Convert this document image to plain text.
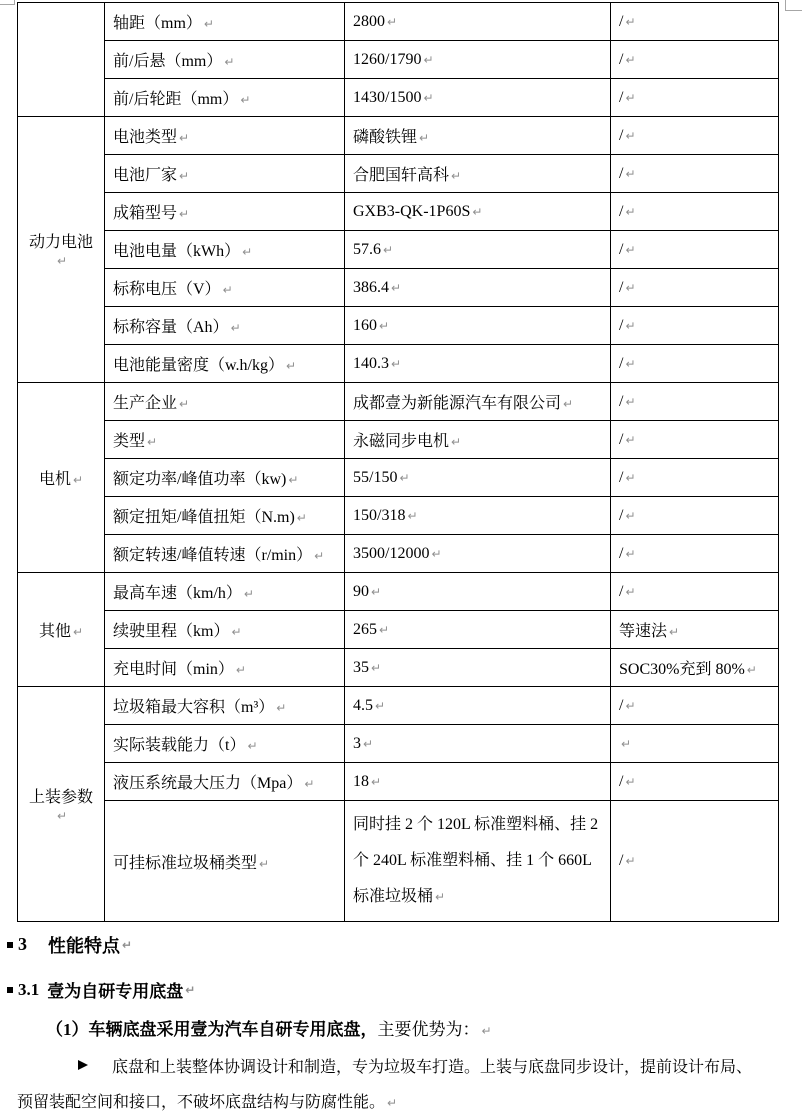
	轴距（mm） ↵	2800 ↵	/ ↵
	前/后悬（mm） ↵	1260/1790 ↵	/ ↵
	前/后轮距（mm） ↵	1430/1500 ↵	/ ↵
动力电池↵	电池类型 ↵	磷酸铁锂 ↵	/ ↵
	电池厂家 ↵	合肥国轩高科 ↵	/ ↵
	成箱型号 ↵	GXB3-QK-1P60S ↵	/ ↵
	电池电量（kWh） ↵	57.6 ↵	/ ↵
	标称电压（V） ↵	386.4 ↵	/ ↵
	标称容量（Ah） ↵	160 ↵	/ ↵
	电池能量密度（w.h/kg） ↵	140.3 ↵	/ ↵
电机 ↵	生产企业 ↵	成都壹为新能源汽车有限公司 ↵	/ ↵
	类型 ↵	永磁同步电机 ↵	/ ↵
	额定功率/峰值功率（kw) ↵	55/150 ↵	/ ↵
	额定扭矩/峰值扭矩（N.m) ↵	150/318 ↵	/ ↵
	额定转速/峰值转速（r/min） ↵	3500/12000 ↵	/ ↵
其他 ↵	最高车速（km/h） ↵	90 ↵	/ ↵
	续驶里程（km） ↵	265 ↵	等速法 ↵
	充电时间（min） ↵	35 ↵	SOC30%充到 80% ↵
上装参数↵	垃圾箱最大容积（m³） ↵	4.5 ↵	/ ↵
	实际装载能力（t） ↵	3 ↵	↵
	液压系统最大压力（Mpa） ↵	18 ↵	/ ↵
	可挂标准垃圾桶类型 ↵	同时挂 2 个 120L 标准塑料桶、挂 2 个 240L 标准塑料桶、挂 1 个 660L 标准垃圾桶 ↵	/ ↵
3 性能特点 ↵
3.1 壹为自研专用底盘 ↵
（1）车辆底盘采用壹为汽车自研专用底盘，主要优势为： ↵
底盘和上装整体协调设计和制造，专为垃圾车打造。上装与底盘同步设计，提前设计布局、
预留装配空间和接口，不破坏底盘结构与防腐性能。 ↵
